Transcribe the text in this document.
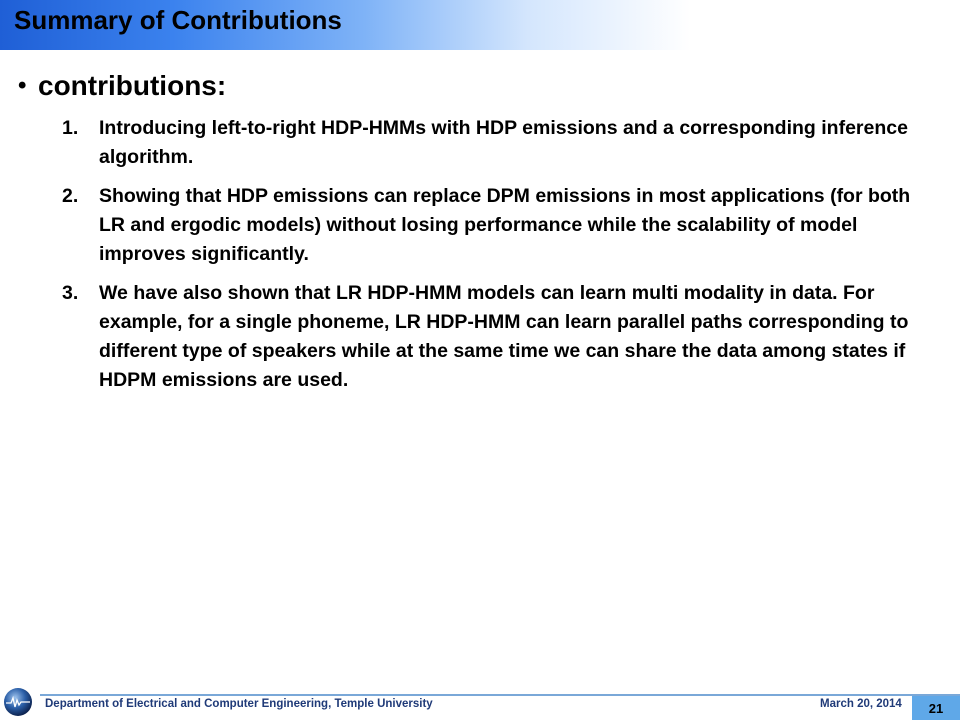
Summary of Contributions
• contributions:
1. Introducing left-to-right HDP-HMMs with HDP emissions and a corresponding inference algorithm.
2. Showing that HDP emissions can replace DPM emissions in most applications (for both LR and ergodic models) without losing performance while the scalability of model improves significantly.
3. We have also shown that LR HDP-HMM models can learn multi modality in data. For example, for a single phoneme, LR HDP-HMM can learn parallel paths corresponding to different type of speakers while at the same time we can share the data among states if HDPM emissions are used.
Department of Electrical and Computer Engineering, Temple University	March 20, 2014 21
